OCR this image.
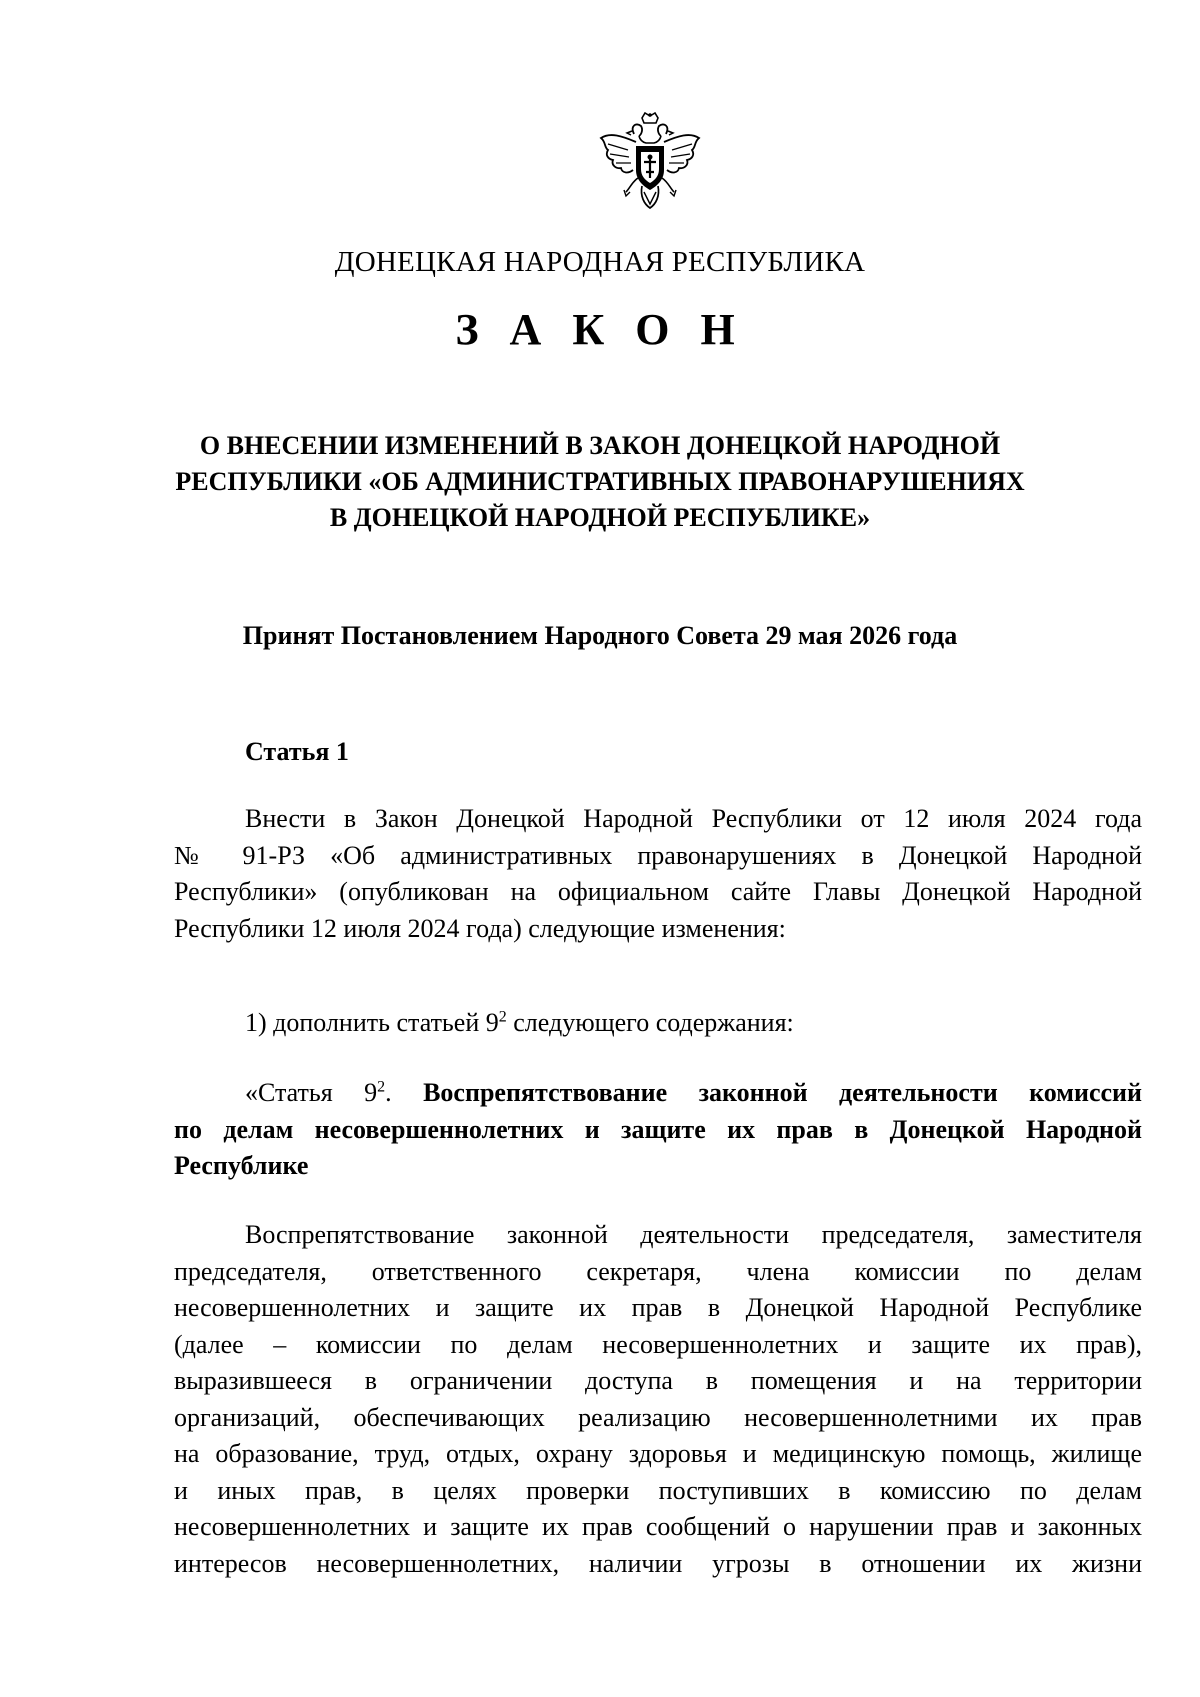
ДОНЕЦКАЯ НАРОДНАЯ РЕСПУБЛИКА
З А К О Н
О ВНЕСЕНИИ ИЗМЕНЕНИЙ В ЗАКОН ДОНЕЦКОЙ НАРОДНОЙ
РЕСПУБЛИКИ «ОБ АДМИНИСТРАТИВНЫХ ПРАВОНАРУШЕНИЯХ
В ДОНЕЦКОЙ НАРОДНОЙ РЕСПУБЛИКЕ»
Принят Постановлением Народного Совета 29 мая 2026 года
Статья 1
Внести в Закон Донецкой Народной Республики от 12 июля 2024 года
№ 91-РЗ «Об административных правонарушениях в Донецкой Народной
Республики» (опубликован на официальном сайте Главы Донецкой Народной
Республики 12 июля 2024 года) следующие изменения:
1) дополнить статьей $9^2$ следующего содержания:
«Статья $9^2$. Воспрепятствование законной деятельности комиссий
по делам несовершеннолетних и защите их прав в Донецкой Народной
Республике
Воспрепятствование законной деятельности председателя, заместителя
председателя, ответственного секретаря, члена комиссии по делам
несовершеннолетних и защите их прав в Донецкой Народной Республике
(далее – комиссии по делам несовершеннолетних и защите их прав),
выразившееся в ограничении доступа в помещения и на территории
организаций, обеспечивающих реализацию несовершеннолетними их прав
на образование, труд, отдых, охрану здоровья и медицинскую помощь, жилище
и иных прав, в целях проверки поступивших в комиссию по делам
несовершеннолетних и защите их прав сообщений о нарушении прав и законных
интересов несовершеннолетних, наличии угрозы в отношении их жизни
